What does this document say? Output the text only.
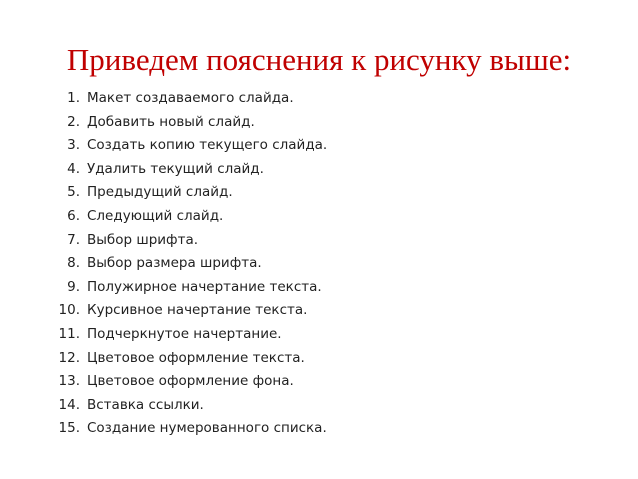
Приведем пояснения к рисунку выше:
1. Макет создаваемого слайда.
2. Добавить новый слайд.
3. Создать копию текущего слайда.
4. Удалить текущий слайд.
5. Предыдущий слайд.
6. Следующий слайд.
7. Выбор шрифта.
8. Выбор размера шрифта.
9. Полужирное начертание текста.
10. Курсивное начертание текста.
11. Подчеркнутое начертание.
12. Цветовое оформление текста.
13. Цветовое оформление фона.
14. Вставка ссылки.
15. Создание нумерованного списка.
